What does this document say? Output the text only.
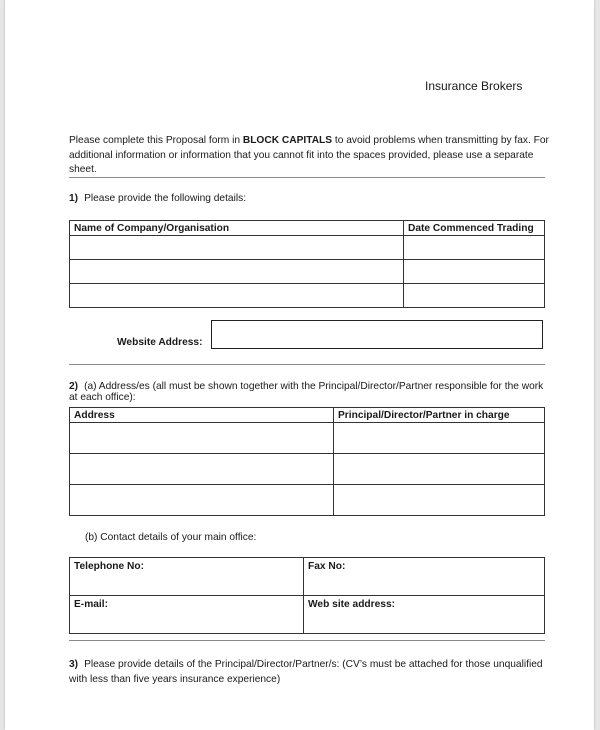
Insurance Brokers
Please complete this Proposal form in BLOCK CAPITALS to avoid problems when transmitting by fax. For additional information or information that you cannot fit into the spaces provided, please use a separate sheet.
1) Please provide the following details:
Name of Company/Organisation	Date Commenced Trading

Website Address:
2) (a) Address/es (all must be shown together with the Principal/Director/Partner responsible for the work at each office):
Address	Principal/Director/Partner in charge

(b) Contact details of your main office:
Telephone No:	Fax No:
E-mail:	Web site address:
3) Please provide details of the Principal/Director/Partner/s: (CV’s must be attached for those unqualified with less than five years insurance experience)
